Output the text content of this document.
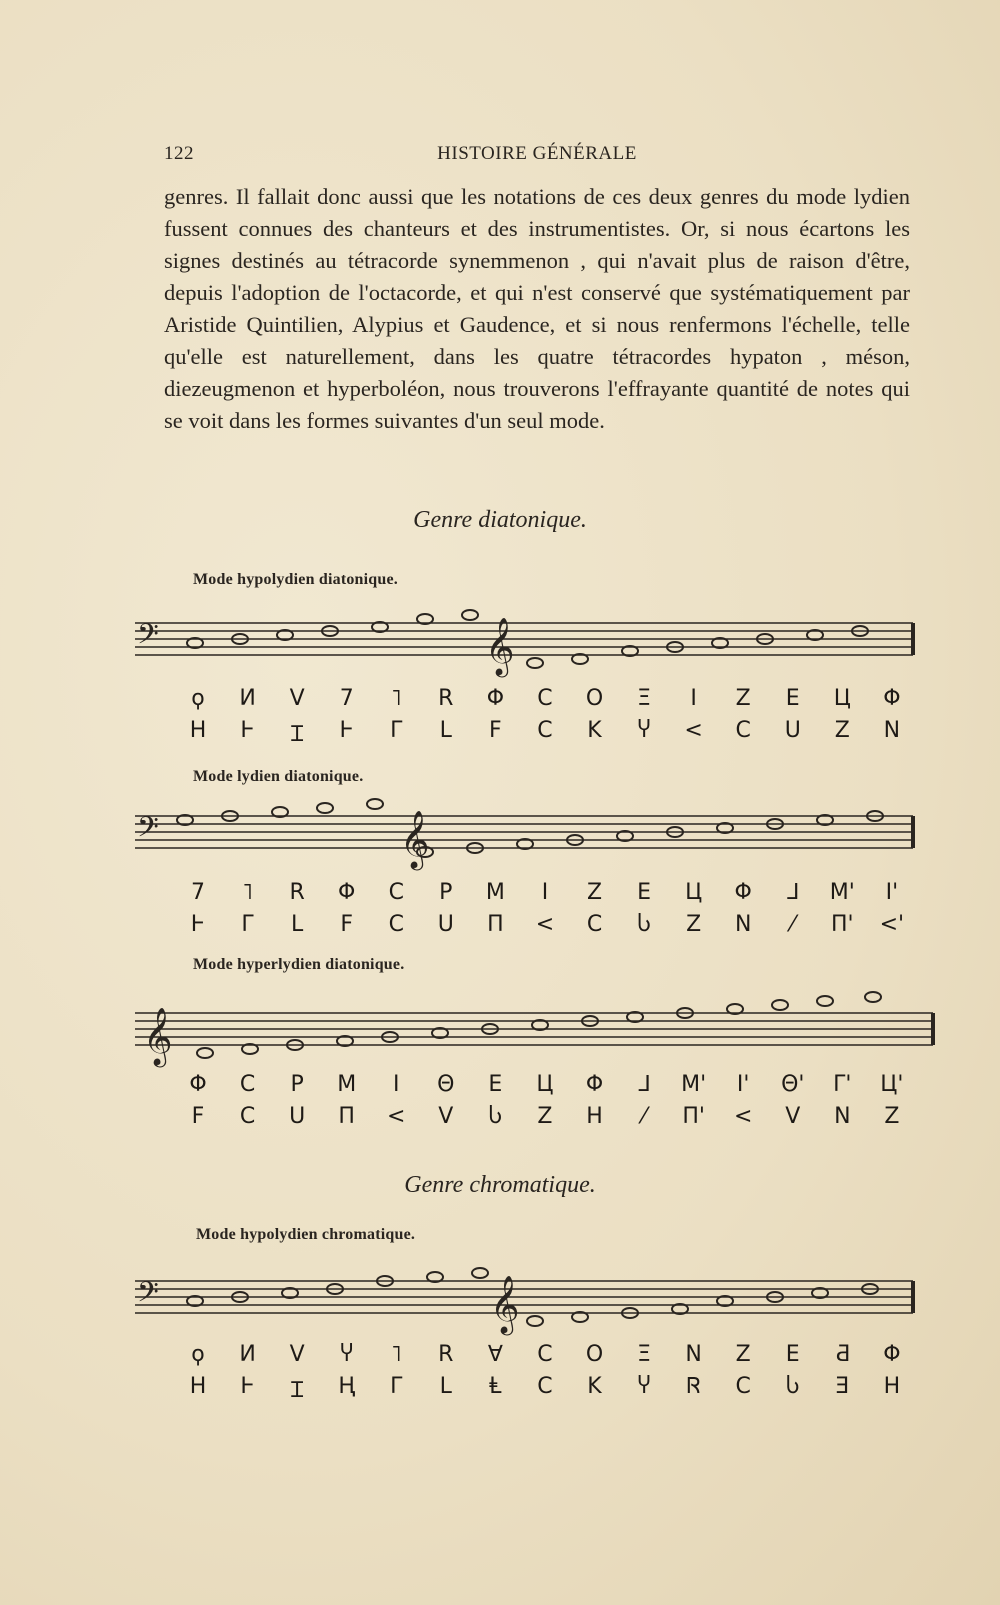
122	HISTOIRE GÉNÉRALE

genres. Il fallait donc aussi que les notations de ces deux genres du mode lydien fussent connues des chanteurs et des instrumentistes. Or, si nous écartons les signes destinés au tétracorde synemmenon , qui n'avait plus de raison d'être, depuis l'adoption de l'octacorde, et qui n'est conservé que systématiquement par Aristide Quintilien, Alypius et Gaudence, et si nous renfermons l'échelle, telle qu'elle est naturellement, dans les quatre tétracordes hypaton , méson, diezeugmenon et hyperboléon, nous trouverons l'effrayante quantité de notes qui se voit dans les formes suivantes d'un seul mode.

Genre diatonique.
Mode hypolydien diatonique.
𝄢	𝄞
ϙ Ͷ V 7	˥	R Φ C O Ξ	I	Z E Ц Φ
H Ⱶ	Ɪ	Ⱶ	Γ	L	F	C K Ⴤ < Ⅽ Ս Z N
Mode lydien diatonique.
𝄢	𝄞
7	˥	R Φ C P M	I	Z E Ц Φ ᒧ M'	I'
Ⱶ	Γ	L	F	C Ս Π < Ⅽ Ⴑ Z N	⁄	Π' <'
Mode hyperlydien diatonique.
𝄞
Φ C P M	I	Θ E Ц Φ ᒧ M'	I'	Θ' Γ' Ц'
F	C Ս Π < V Ⴑ Z H	⁄	Π' < V N Z
Genre chromatique.
Mode hypolydien chromatique.
𝄢	𝄞
ϙ Ͷ V Ⴤ	˥	R ∀ C O Ξ N Z E Ƌ Φ
H Ⱶ	Ɪ	Ⱨ	Γ	L	Ⱡ	C K Ⴤ Ꮢ Ⅽ Ⴑ Ǝ H
